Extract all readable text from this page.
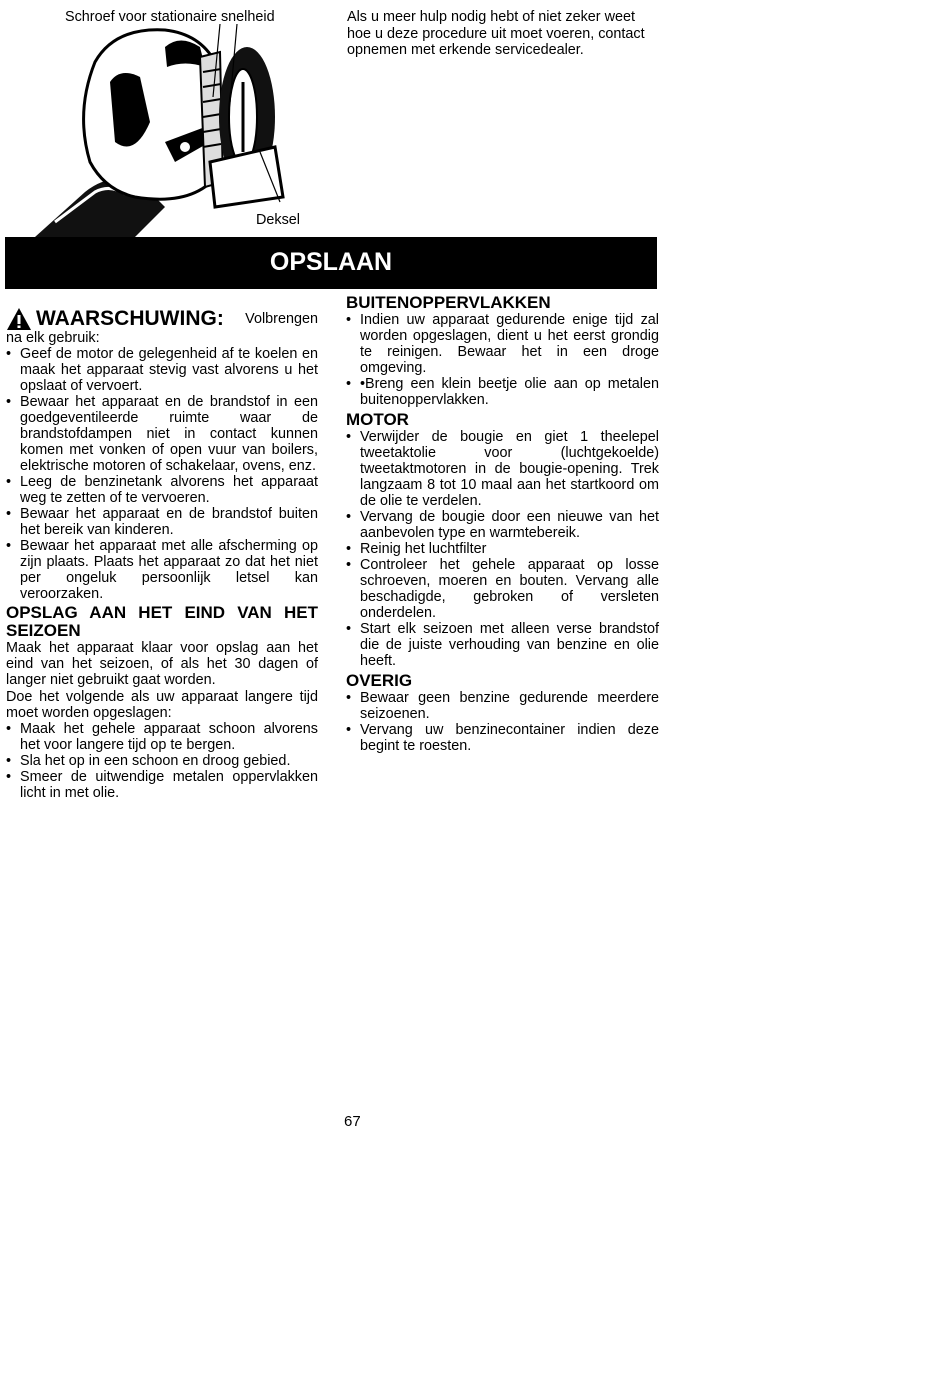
Schroef voor stationaire snelheid
Deksel
Als u meer hulp nodig hebt of niet zeker weet hoe u deze procedure uit moet voeren, contact opnemen met erkende servicedealer.
OPSLAAN
WAARSCHUWING: Volbrengen

na elk gebruik:

• Geef de motor de gelegenheid af te koelen en maak het apparaat stevig vast alvorens u het opslaat of vervoert.
• Bewaar het apparaat en de brandstof in een goedgeventileerde ruimte waar de brandstofdampen niet in contact kunnen komen met vonken of open vuur van boilers, elektrische motoren of schakelaar, ovens, enz.
• Leeg de benzinetank alvorens het apparaat weg te zetten of te vervoeren.
• Bewaar het apparaat en de brandstof buiten het bereik van kinderen.
• Bewaar het apparaat met alle afscherming op zijn plaats. Plaats het apparaat zo dat het niet per ongeluk persoonlijk letsel kan veroorzaken.
OPSLAG AAN HET EIND VAN HET
SEIZOEN

Maak het apparaat klaar voor opslag aan het eind van het seizoen, of als het 30 dagen of langer niet gebruikt gaat worden.

Doe het volgende als uw apparaat langere tijd moet worden opgeslagen:

• Maak het gehele apparaat schoon alvorens het voor langere tijd op te bergen.
• Sla het op in een schoon en droog gebied.
• Smeer de uitwendige metalen oppervlakken licht in met olie.
BUITENOPPERVLAKKEN
• Indien uw apparaat gedurende enige tijd zal worden opgeslagen, dient u het eerst grondig te reinigen. Bewaar het in een droge omgeving.
• •Breng een klein beetje olie aan op metalen buitenoppervlakken.
MOTOR
• Verwijder de bougie en giet 1 theelepel tweetaktolie voor (luchtgekoelde) tweetaktmotoren in de bougie-opening. Trek langzaam 8 tot 10 maal aan het startkoord om de olie te verdelen.
• Vervang de bougie door een nieuwe van het aanbevolen type en warmtebereik.
• Reinig het luchtfilter
• Controleer het gehele apparaat op losse schroeven, moeren en bouten. Vervang alle beschadigde, gebroken of versleten onderdelen.
• Start elk seizoen met alleen verse brandstof die de juiste verhouding van benzine en olie heeft.
OVERIG
• Bewaar geen benzine gedurende meerdere seizoenen.
• Vervang uw benzinecontainer indien deze begint te roesten.
67
